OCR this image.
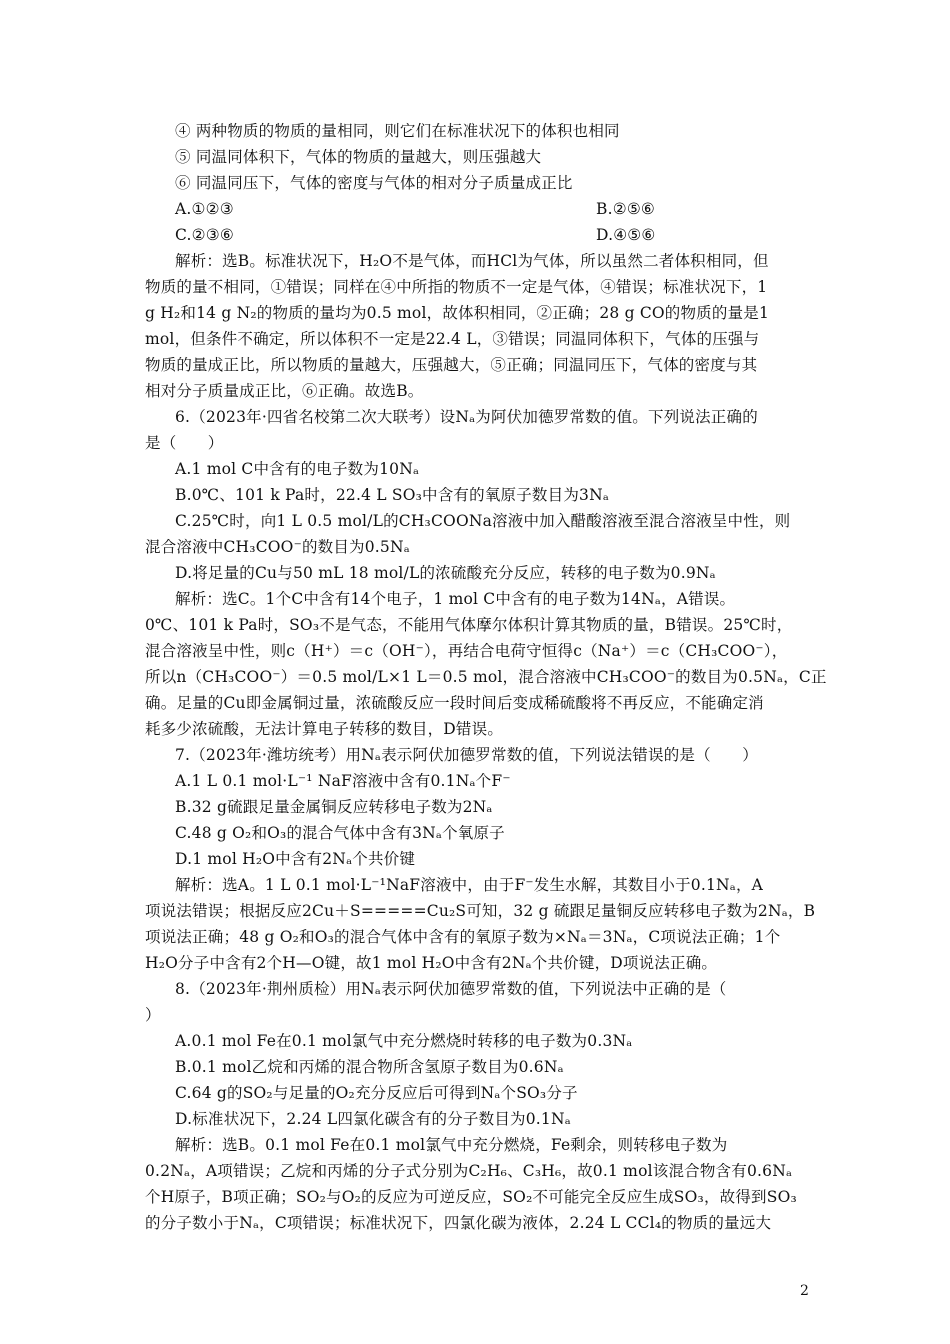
④ 两种物质的物质的量相同，则它们在标准状况下的体积也相同
⑤ 同温同体积下，气体的物质的量越大，则压强越大
⑥ 同温同压下，气体的密度与气体的相对分子质量成正比
A.①②③	B.②⑤⑥
C.②③⑥	D.④⑤⑥
解析：选B。标准状况下，H₂O不是气体，而HCl为气体，所以虽然二者体积相同，但
物质的量不相同，①错误；同样在④中所指的物质不一定是气体，④错误；标准状况下，1
g H₂和14 g N₂的物质的量均为0.5 mol，故体积相同，②正确；28 g CO的物质的量是1
mol，但条件不确定，所以体积不一定是22.4 L，③错误；同温同体积下，气体的压强与
物质的量成正比，所以物质的量越大，压强越大，⑤正确；同温同压下，气体的密度与其
相对分子质量成正比，⑥正确。故选B。
6.（2023年·四省名校第二次大联考）设Nₐ为阿伏加德罗常数的值。下列说法正确的
是（　　）
A.1 mol C中含有的电子数为10Nₐ
B.0℃、101 k Pa时，22.4 L SO₃中含有的氧原子数目为3Nₐ
C.25℃时，向1 L 0.5 mol/L的CH₃COONa溶液中加入醋酸溶液至混合溶液呈中性，则
混合溶液中CH₃COO⁻的数目为0.5Nₐ
D.将足量的Cu与50 mL 18 mol/L的浓硫酸充分反应，转移的电子数为0.9Nₐ
解析：选C。1个C中含有14个电子，1 mol C中含有的电子数为14Nₐ，A错误。
0℃、101 k Pa时，SO₃不是气态，不能用气体摩尔体积计算其物质的量，B错误。25℃时，
混合溶液呈中性，则c（H⁺）＝c（OH⁻），再结合电荷守恒得c（Na⁺）＝c（CH₃COO⁻），
所以n（CH₃COO⁻）＝0.5 mol/L×1 L＝0.5 mol，混合溶液中CH₃COO⁻的数目为0.5Nₐ，C正
确。足量的Cu即金属铜过量，浓硫酸反应一段时间后变成稀硫酸将不再反应，不能确定消
耗多少浓硫酸，无法计算电子转移的数目，D错误。
7.（2023年·潍坊统考）用Nₐ表示阿伏加德罗常数的值，下列说法错误的是（　　）
A.1 L 0.1 mol·L⁻¹ NaF溶液中含有0.1Nₐ个F⁻
B.32 g硫跟足量金属铜反应转移电子数为2Nₐ
C.48 g O₂和O₃的混合气体中含有3Nₐ个氧原子
D.1 mol H₂O中含有2Nₐ个共价键
解析：选A。1 L 0.1 mol·L⁻¹NaF溶液中，由于F⁻发生水解，其数目小于0.1Nₐ，A
项说法错误；根据反应2Cu＋S=====Cu₂S可知，32 g 硫跟足量铜反应转移电子数为2Nₐ，B
项说法正确；48 g O₂和O₃的混合气体中含有的氧原子数为×Nₐ＝3Nₐ，C项说法正确；1个
H₂O分子中含有2个H—O键，故1 mol H₂O中含有2Nₐ个共价键，D项说法正确。
8.（2023年·荆州质检）用Nₐ表示阿伏加德罗常数的值，下列说法中正确的是（
）
A.0.1 mol Fe在0.1 mol氯气中充分燃烧时转移的电子数为0.3Nₐ
B.0.1 mol乙烷和丙烯的混合物所含氢原子数目为0.6Nₐ
C.64 g的SO₂与足量的O₂充分反应后可得到Nₐ个SO₃分子
D.标准状况下，2.24 L四氯化碳含有的分子数目为0.1Nₐ
解析：选B。0.1 mol Fe在0.1 mol氯气中充分燃烧，Fe剩余，则转移电子数为
0.2Nₐ，A项错误；乙烷和丙烯的分子式分别为C₂H₆、C₃H₆，故0.1 mol该混合物含有0.6Nₐ
个H原子，B项正确；SO₂与O₂的反应为可逆反应，SO₂不可能完全反应生成SO₃，故得到SO₃
的分子数小于Nₐ，C项错误；标准状况下，四氯化碳为液体，2.24 L CCl₄的物质的量远大
2
